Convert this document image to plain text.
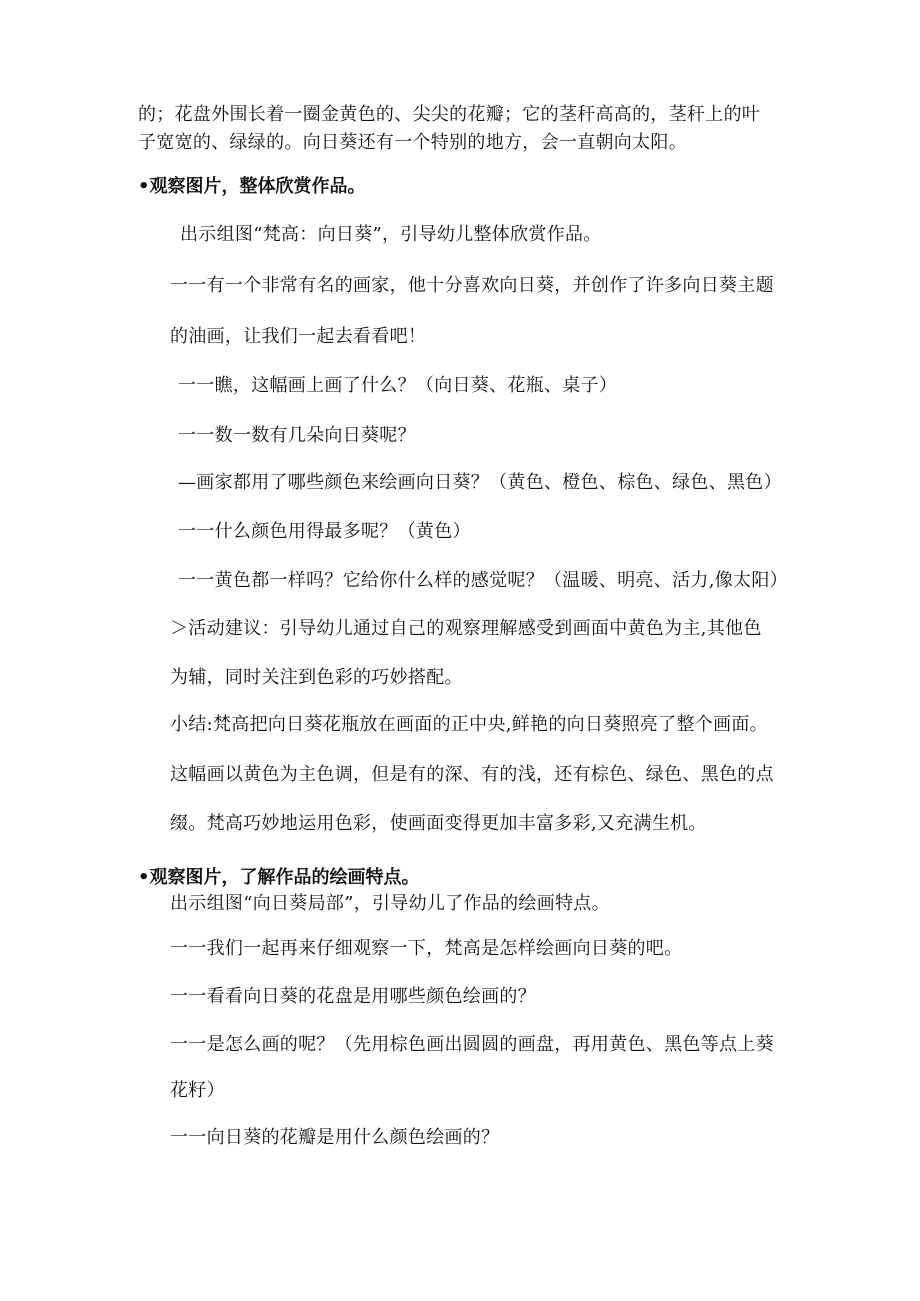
的；花盘外围长着一圈金黄色的、尖尖的花瓣；它的茎秆高高的，茎秆上的叶

子宽宽的、绿绿的。向日葵还有一个特别的地方，会一直朝向太阳。

•观察图片，整体欣赏作品。

出示组图“梵高：向日葵”，引导幼儿整体欣赏作品。

一一有一个非常有名的画家，他十分喜欢向日葵，并创作了许多向日葵主题

的油画，让我们一起去看看吧！

一一瞧，这幅画上画了什么？（向日葵、花瓶、桌子）

一一数一数有几朵向日葵呢？

—画家都用了哪些颜色来绘画向日葵？（黄色、橙色、棕色、绿色、黑色）

一一什么颜色用得最多呢？（黄色）

一一黄色都一样吗？它给你什么样的感觉呢？（温暖、明亮、活力,像太阳）

＞活动建议：引导幼儿通过自己的观察理解感受到画面中黄色为主,其他色

为辅，同时关注到色彩的巧妙搭配。

小结:梵高把向日葵花瓶放在画面的正中央,鲜艳的向日葵照亮了整个画面。

这幅画以黄色为主色调，但是有的深、有的浅，还有棕色、绿色、黑色的点

缀。梵高巧妙地运用色彩，使画面变得更加丰富多彩,又充满生机。

•观察图片，了解作品的绘画特点。

出示组图“向日葵局部”，引导幼儿了作品的绘画特点。

一一我们一起再来仔细观察一下，梵高是怎样绘画向日葵的吧。

一一看看向日葵的花盘是用哪些颜色绘画的？

一一是怎么画的呢？（先用棕色画出圆圆的画盘，再用黄色、黑色等点上葵

花籽）

一一向日葵的花瓣是用什么颜色绘画的？
